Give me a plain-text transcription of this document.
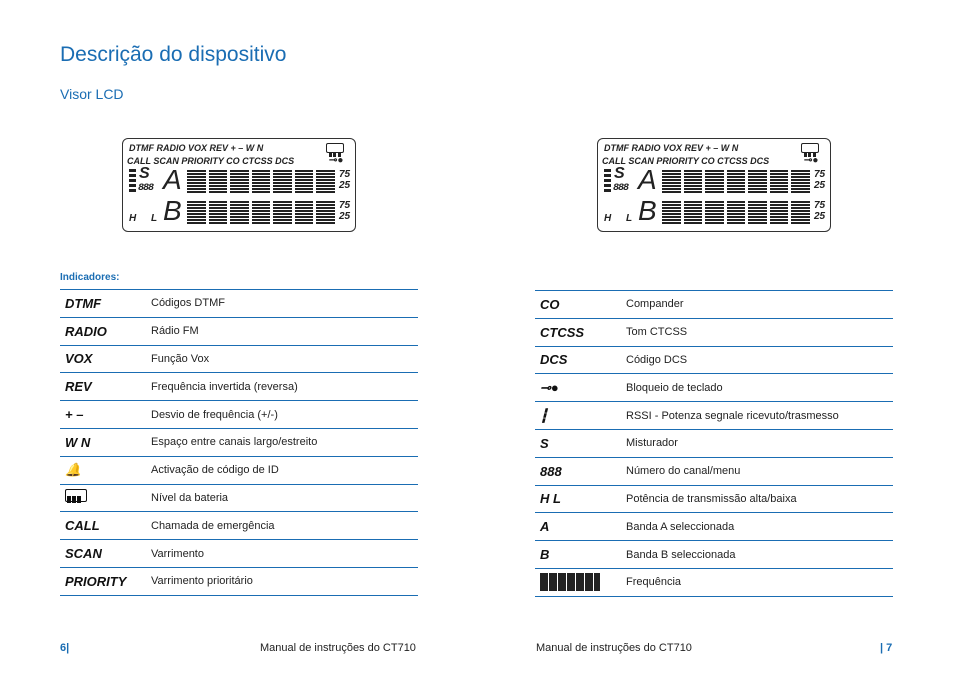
Descrição do dispositivo
Visor LCD
DTMF RADIO VOX REV + – W N
CALL SCAN PRIORITY CO CTCSS DCS	⊸●
S
888 A
B
75
25
75
25
H L
DTMF RADIO VOX REV + – W N
CALL SCAN PRIORITY CO CTCSS DCS	⊸●
S
888 A
B
75
25
75
25
H L
Indicadores:
DTMF	Códigos DTMF
RADIO	Rádio FM
VOX	Função Vox
REV	Frequência invertida (reversa)
+ –	Desvio de frequência (+/-)
W N	Espaço entre canais largo/estreito
🔔	Activação de código de ID
	Nível da bateria
CALL	Chamada de emergência
SCAN	Varrimento
PRIORITY	Varrimento prioritário
CO	Compander
CTCSS	Tom CTCSS
DCS	Código DCS
⊸●	Bloqueio de teclado
┇	RSSI - Potenza segnale ricevuto/trasmesso
S	Misturador
888	Número do canal/menu
H L	Potência de transmissão alta/baixa
A	Banda A seleccionada
B	Banda B seleccionada
	Frequência
6|	Manual de instruções do CT710	Manual de instruções do CT710	| 7
